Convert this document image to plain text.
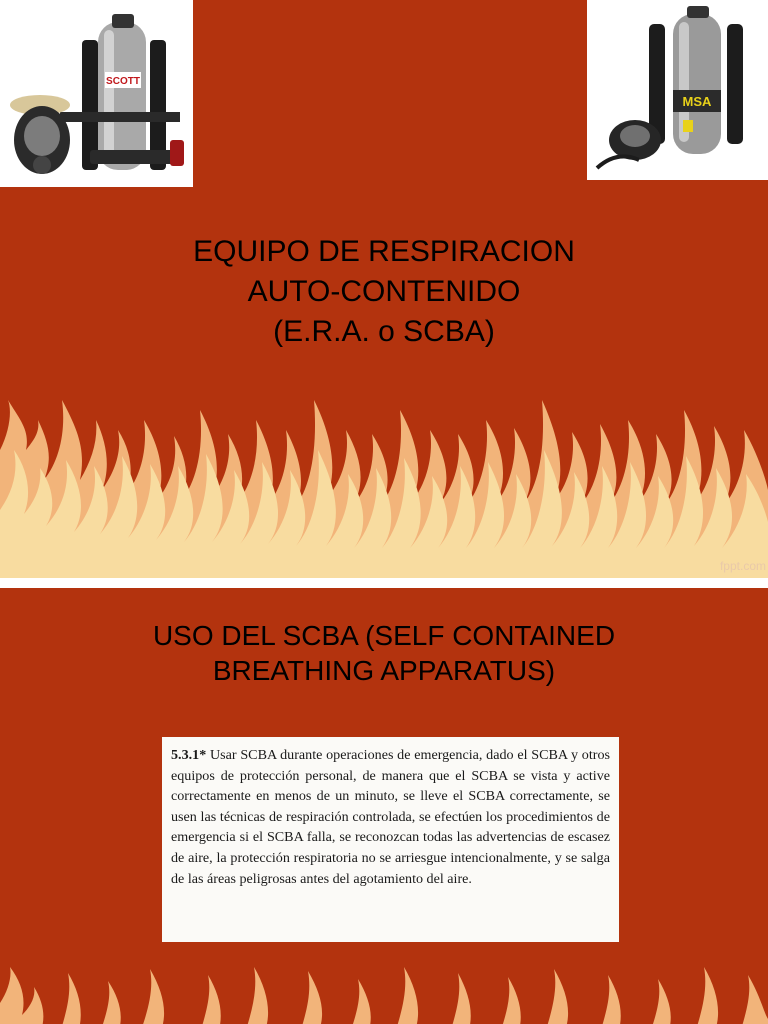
SCOTT
MSA
EQUIPO DE RESPIRACION
AUTO-CONTENIDO
(E.R.A. o SCBA)
fppt.com
USO DEL SCBA (SELF CONTAINED
BREATHING APPARATUS)
5.3.1* Usar SCBA durante operaciones de emergencia, dado el SCBA y otros equipos de protección personal, de manera que el SCBA se vista y active correctamente en menos de un minuto, se lleve el SCBA correctamente, se usen las técnicas de respiración controlada, se efectúen los procedimientos de emergencia si el SCBA falla, se reconozcan todas las advertencias de escasez de aire, la protección respiratoria no se arriesgue intencionalmente, y se salga de las áreas peligrosas antes del agotamiento del aire.
